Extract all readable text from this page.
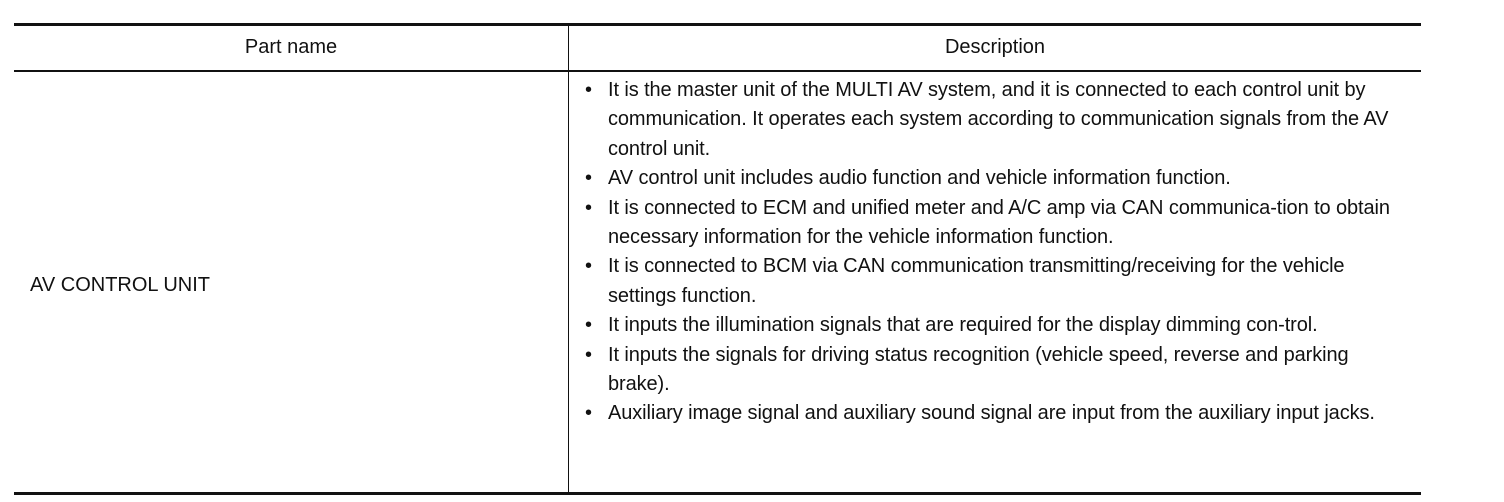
Part name	Description
AV CONTROL UNIT
• It is the master unit of the MULTI AV system, and it is connected to each control unit by communication. It operates each system according to communication signals from the AV control unit.
• AV control unit includes audio function and vehicle information function.
• It is connected to ECM and unified meter and A/C amp via CAN communica-tion to obtain necessary information for the vehicle information function.
• It is connected to BCM via CAN communication transmitting/receiving for the vehicle settings function.
• It inputs the illumination signals that are required for the display dimming con-trol.
• It inputs the signals for driving status recognition (vehicle speed, reverse and parking brake).
• Auxiliary image signal and auxiliary sound signal are input from the auxiliary input jacks.
